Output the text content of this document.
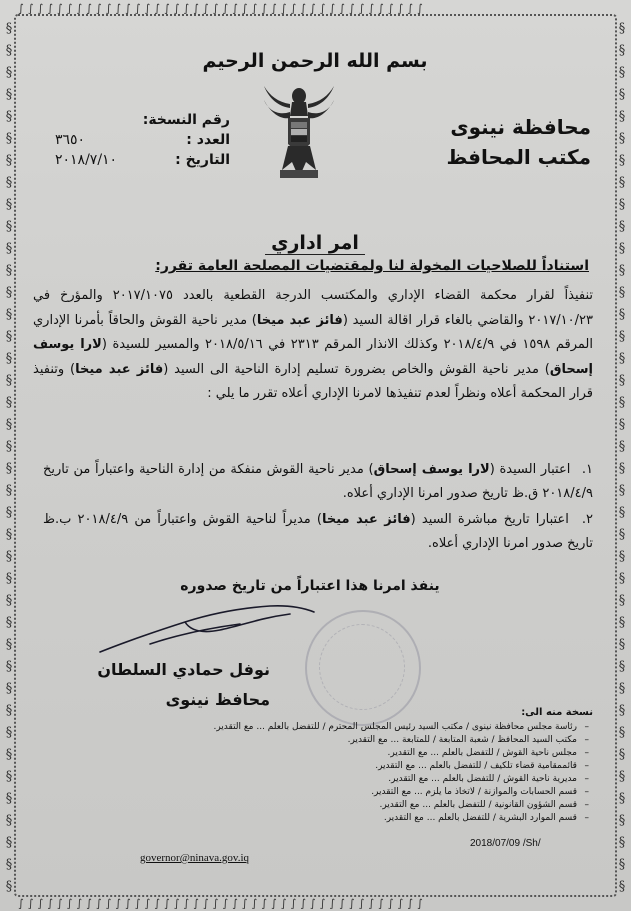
§
§
§
§
§
§
§
§
§
§
§
§
§
§
§
§
§
§
§
§
§
§
§
§
§
§
§
§
§
§
§
§
§
§
§
§
§
§
§
§
§
§
§
§
§
§
§
§
§
§
§
§
§
§
§
§
§
§
§
§
§
§
§
§
§
§
§
§
§
§
§
§
§
§
§
§
§
§
§
§
∫∫∫∫∫∫∫∫∫∫∫∫∫∫∫∫∫∫∫∫∫∫∫∫∫∫∫∫∫∫∫∫∫∫∫∫∫∫∫∫∫∫
∫∫∫∫∫∫∫∫∫∫∫∫∫∫∫∫∫∫∫∫∫∫∫∫∫∫∫∫∫∫∫∫∫∫∫∫∫∫∫∫∫∫
بسم الله الرحمن الرحيم
محافظة نينوى
مكتب المحافظ
رقم النسخة:
العدد :
٣٦٥٠
التاريخ :
٢٠١٨/٧/١٠
امر اداري
استناداً للصلاحيات المخولة لنا ولمقتضيات المصلحة العامة تقرر:
تنفيذاً لقرار محكمة القضاء الإداري والمكتسب الدرجة القطعية بالعدد ٢٠١٧/١٠٧٥ والمؤرخ في ٢٠١٧/١٠/٢٣ والقاضي بالغاء قرار اقالة السيد (فائز عبد ميخا) مدير ناحية القوش والحاقاً بأمرنا الإداري المرقم ١٥٩٨ في ٢٠١٨/٤/٩ وكذلك الانذار المرقم ٢٣١٣ في ٢٠١٨/٥/١٦ والمسير للسيدة (لارا يوسف إسحاق) مدير ناحية القوش والخاص بضرورة تسليم إدارة الناحية الى السيد (فائز عبد ميخا) وتنفيذ قرار المحكمة أعلاه ونظراً لعدم تنفيذها لامرنا الإداري أعلاه تقرر ما يلي :
١. اعتبار السيدة (لارا يوسف إسحاق) مدير ناحية القوش منفكة من إدارة الناحية واعتباراً من تاريخ ٢٠١٨/٤/٩ ق.ظ تاريخ صدور امرنا الإداري أعلاه.
٢. اعتبارا تاريخ مباشرة السيد (فائز عبد ميخا) مديراً لناحية القوش واعتباراً من ٢٠١٨/٤/٩ ب.ظ تاريخ صدور امرنا الإداري أعلاه.
ينفذ امرنا هذا اعتباراً من تاريخ صدوره
نوفل حمادي السلطان
محافظ نينوى
نسخة منه الى:
– رئاسة مجلس محافظة نينوى / مكتب السيد رئيس المجلس المحترم / للتفضل بالعلم ... مع التقدير.
– مكتب السيد المحافظ / شعبة المتابعة / للمتابعة ... مع التقدير.
– مجلس ناحية القوش / للتفضل بالعلم ... مع التقدير.
– قائممقامية قضاء تلكيف / للتفضل بالعلم ... مع التقدير.
– مديرية ناحية القوش / للتفضل بالعلم ... مع التقدير.
– قسم الحسابات والموازنة / لاتخاذ ما يلزم ... مع التقدير.
– قسم الشؤون القانونية / للتفضل بالعلم ... مع التقدير.
– قسم الموارد البشرية / للتفضل بالعلم ... مع التقدير.
2018/07/09 /Sh/
governor@ninava.gov.iq
